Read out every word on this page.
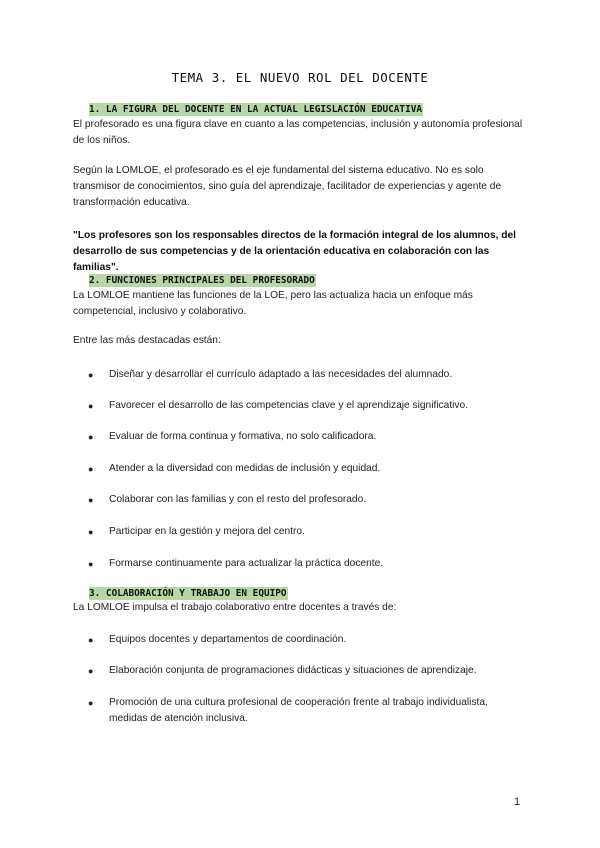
TEMA 3. EL NUEVO ROL DEL DOCENTE
1. LA FIGURA DEL DOCENTE EN LA ACTUAL LEGISLACIÓN EDUCATIVA
El profesorado es una figura clave en cuanto a las competencias, inclusión y autonomía profesional de los niños.
Según la LOMLOE, el profesorado es el eje fundamental del sistema educativo. No es solo transmisor de conocimientos, sino guía del aprendizaje, facilitador de experiencias y agente de transformación educativa.
"Los profesores son los responsables directos de la formación integral de los alumnos, del desarrollo de sus competencias y de la orientación educativa en colaboración con las familias".
2. FUNCIONES PRINCIPALES DEL PROFESORADO
La LOMLOE mantiene las funciones de la LOE, pero las actualiza hacia un enfoque más competencial, inclusivo y colaborativo.
Entre las más destacadas están:
● Diseñar y desarrollar el currículo adaptado a las necesidades del alumnado.
● Favorecer el desarrollo de las competencias clave y el aprendizaje significativo.
● Evaluar de forma continua y formativa, no solo calificadora.
● Atender a la diversidad con medidas de inclusión y equidad.
● Colaborar con las familias y con el resto del profesorado.
● Participar en la gestión y mejora del centro.
● Formarse continuamente para actualizar la práctica docente.
3. COLABORACIÓN Y TRABAJO EN EQUIPO
La LOMLOE impulsa el trabajo colaborativo entre docentes a través de:
● Equipos docentes y departamentos de coordinación.
● Elaboración conjunta de programaciones didácticas y situaciones de aprendizaje.
● Promoción de una cultura profesional de cooperación frente al trabajo individualista, medidas de atención inclusiva.
1
